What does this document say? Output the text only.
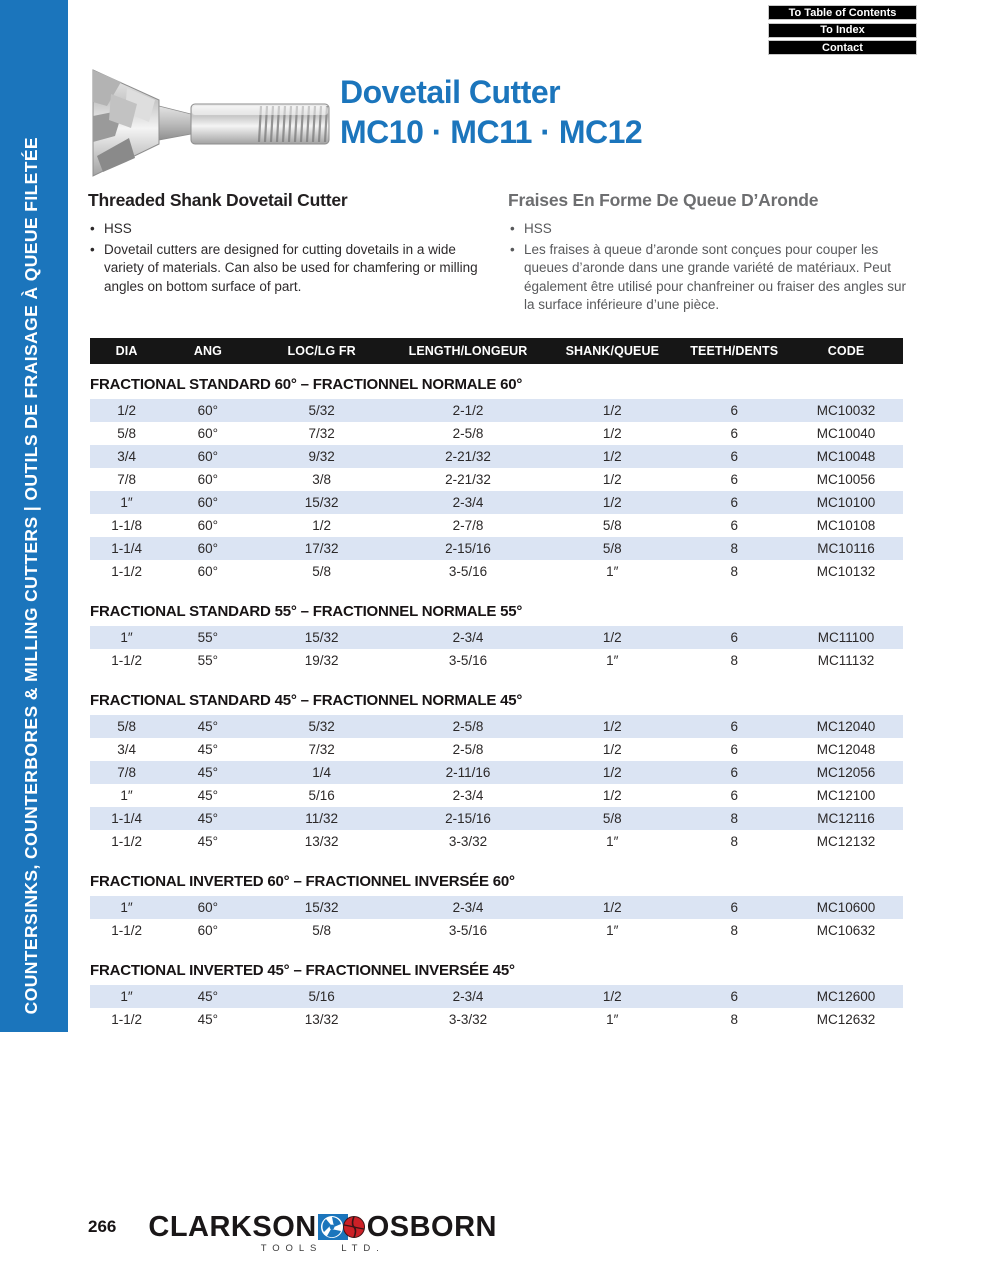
COUNTERSINKS, COUNTERBORES & MILLING CUTTERS | OUTILS DE FRAISAGE À QUEUE FILETÉE
To Table of Contents
To Index
Contact
Dovetail Cutter
MC10 · MC11 · MC12
Threaded Shank Dovetail Cutter
• HSS
• Dovetail cutters are designed for cutting dovetails in a wide variety of materials. Can also be used for chamfering or milling angles on bottom surface of part.
Fraises En Forme De Queue D’Aronde
• HSS
• Les fraises à queue d’aronde sont conçues pour couper les queues d’aronde dans une grande variété de matériaux. Peut également être utilisé pour chanfreiner ou fraiser des angles sur la surface inférieure d’une pièce.
DIA	ANG	LOC/LG FR	LENGTH/LONGEUR	SHANK/QUEUE	TEETH/DENTS	CODE
FRACTIONAL STANDARD 60° – FRACTIONNEL NORMALE 60°
1/2	60°	5/32	2-1/2	1/2	6	MC10032
5/8	60°	7/32	2-5/8	1/2	6	MC10040
3/4	60°	9/32	2-21/32	1/2	6	MC10048
7/8	60°	3/8	2-21/32	1/2	6	MC10056
1″	60°	15/32	2-3/4	1/2	6	MC10100
1-1/8	60°	1/2	2-7/8	5/8	6	MC10108
1-1/4	60°	17/32	2-15/16	5/8	8	MC10116
1-1/2	60°	5/8	3-5/16	1″	8	MC10132
FRACTIONAL STANDARD 55° – FRACTIONNEL NORMALE 55°
1″	55°	15/32	2-3/4	1/2	6	MC11100
1-1/2	55°	19/32	3-5/16	1″	8	MC11132
FRACTIONAL STANDARD 45° – FRACTIONNEL NORMALE 45°
5/8	45°	5/32	2-5/8	1/2	6	MC12040
3/4	45°	7/32	2-5/8	1/2	6	MC12048
7/8	45°	1/4	2-11/16	1/2	6	MC12056
1″	45°	5/16	2-3/4	1/2	6	MC12100
1-1/4	45°	11/32	2-15/16	5/8	8	MC12116
1-1/2	45°	13/32	3-3/32	1″	8	MC12132
FRACTIONAL INVERTED 60° – FRACTIONNEL INVERSÉE 60°
1″	60°	15/32	2-3/4	1/2	6	MC10600
1-1/2	60°	5/8	3-5/16	1″	8	MC10632
FRACTIONAL INVERTED 45° – FRACTIONNEL INVERSÉE 45°
1″	45°	5/16	2-3/4	1/2	6	MC12600
1-1/2	45°	13/32	3-3/32	1″	8	MC12632
266 CLARKSON OSBORN
TOOLS LTD.
